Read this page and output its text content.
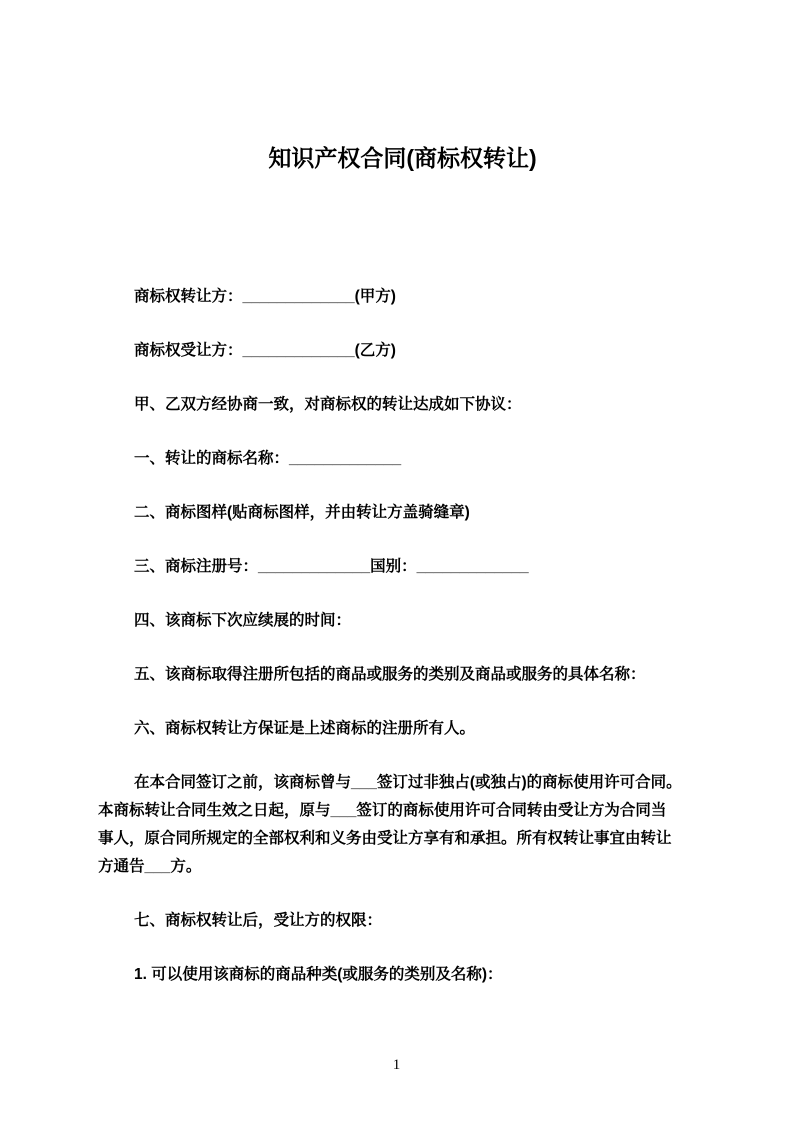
知识产权合同(商标权转让)

商标权转让方：_____________(甲方)

商标权受让方：_____________(乙方)

甲、乙双方经协商一致，对商标权的转让达成如下协议：

一、转让的商标名称：_____________

二、商标图样(贴商标图样，并由转让方盖骑缝章)

三、商标注册号：_____________国别：_____________

四、该商标下次应续展的时间：

五、该商标取得注册所包括的商品或服务的类别及商品或服务的具体名称：

六、商标权转让方保证是上述商标的注册所有人。

在本合同签订之前，该商标曾与___签订过非独占(或独占)的商标使用许可合同。
本商标转让合同生效之日起，原与___签订的商标使用许可合同转由受让方为合同当
事人，原合同所规定的全部权利和义务由受让方享有和承担。所有权转让事宜由转让
方通告___方。

七、商标权转让后，受让方的权限：

1. 可以使用该商标的商品种类(或服务的类别及名称)：

1
